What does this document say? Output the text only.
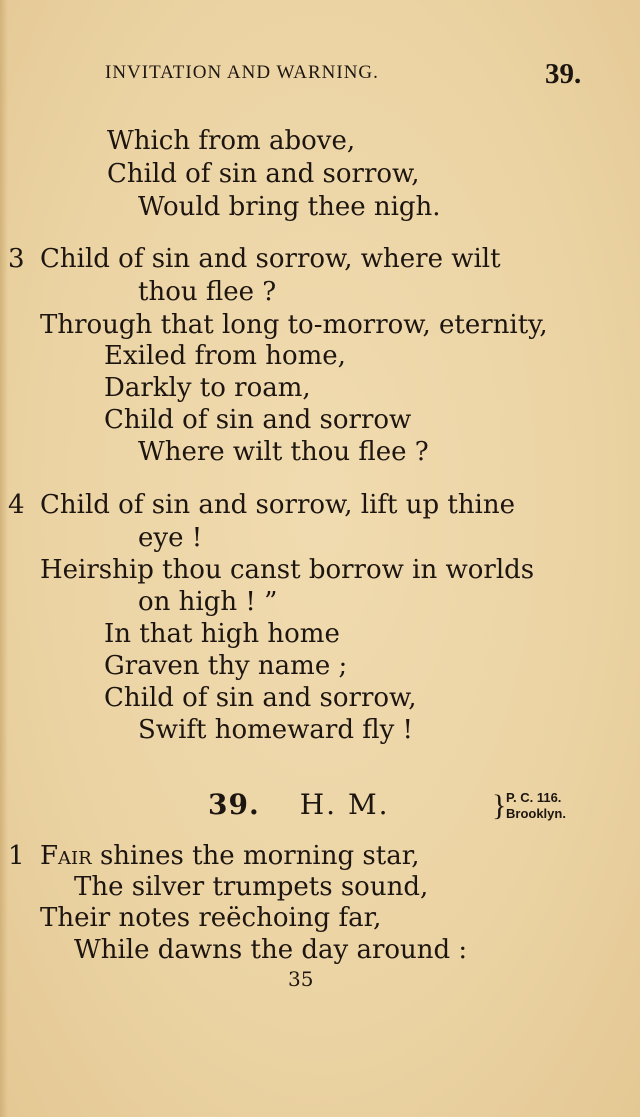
INVITATION AND WARNING.	39.
Which from above,
Child of sin and sorrow,
Would bring thee nigh.
3 Child of sin and sorrow, where wilt
thou flee ?
Through that long to-morrow, eternity,
Exiled from home,
Darkly to roam,
Child of sin and sorrow
Where wilt thou flee ?
4 Child of sin and sorrow, lift up thine
eye !
Heirship thou canst borrow in worlds
on high ! ”
In that high home
Graven thy name ;
Child of sin and sorrow,
Swift homeward fly !
39. H. M.	} P. C. 116.
Brooklyn.
1 Fair shines the morning star,
The silver trumpets sound,
Their notes reëchoing far,
While dawns the day around :
35
